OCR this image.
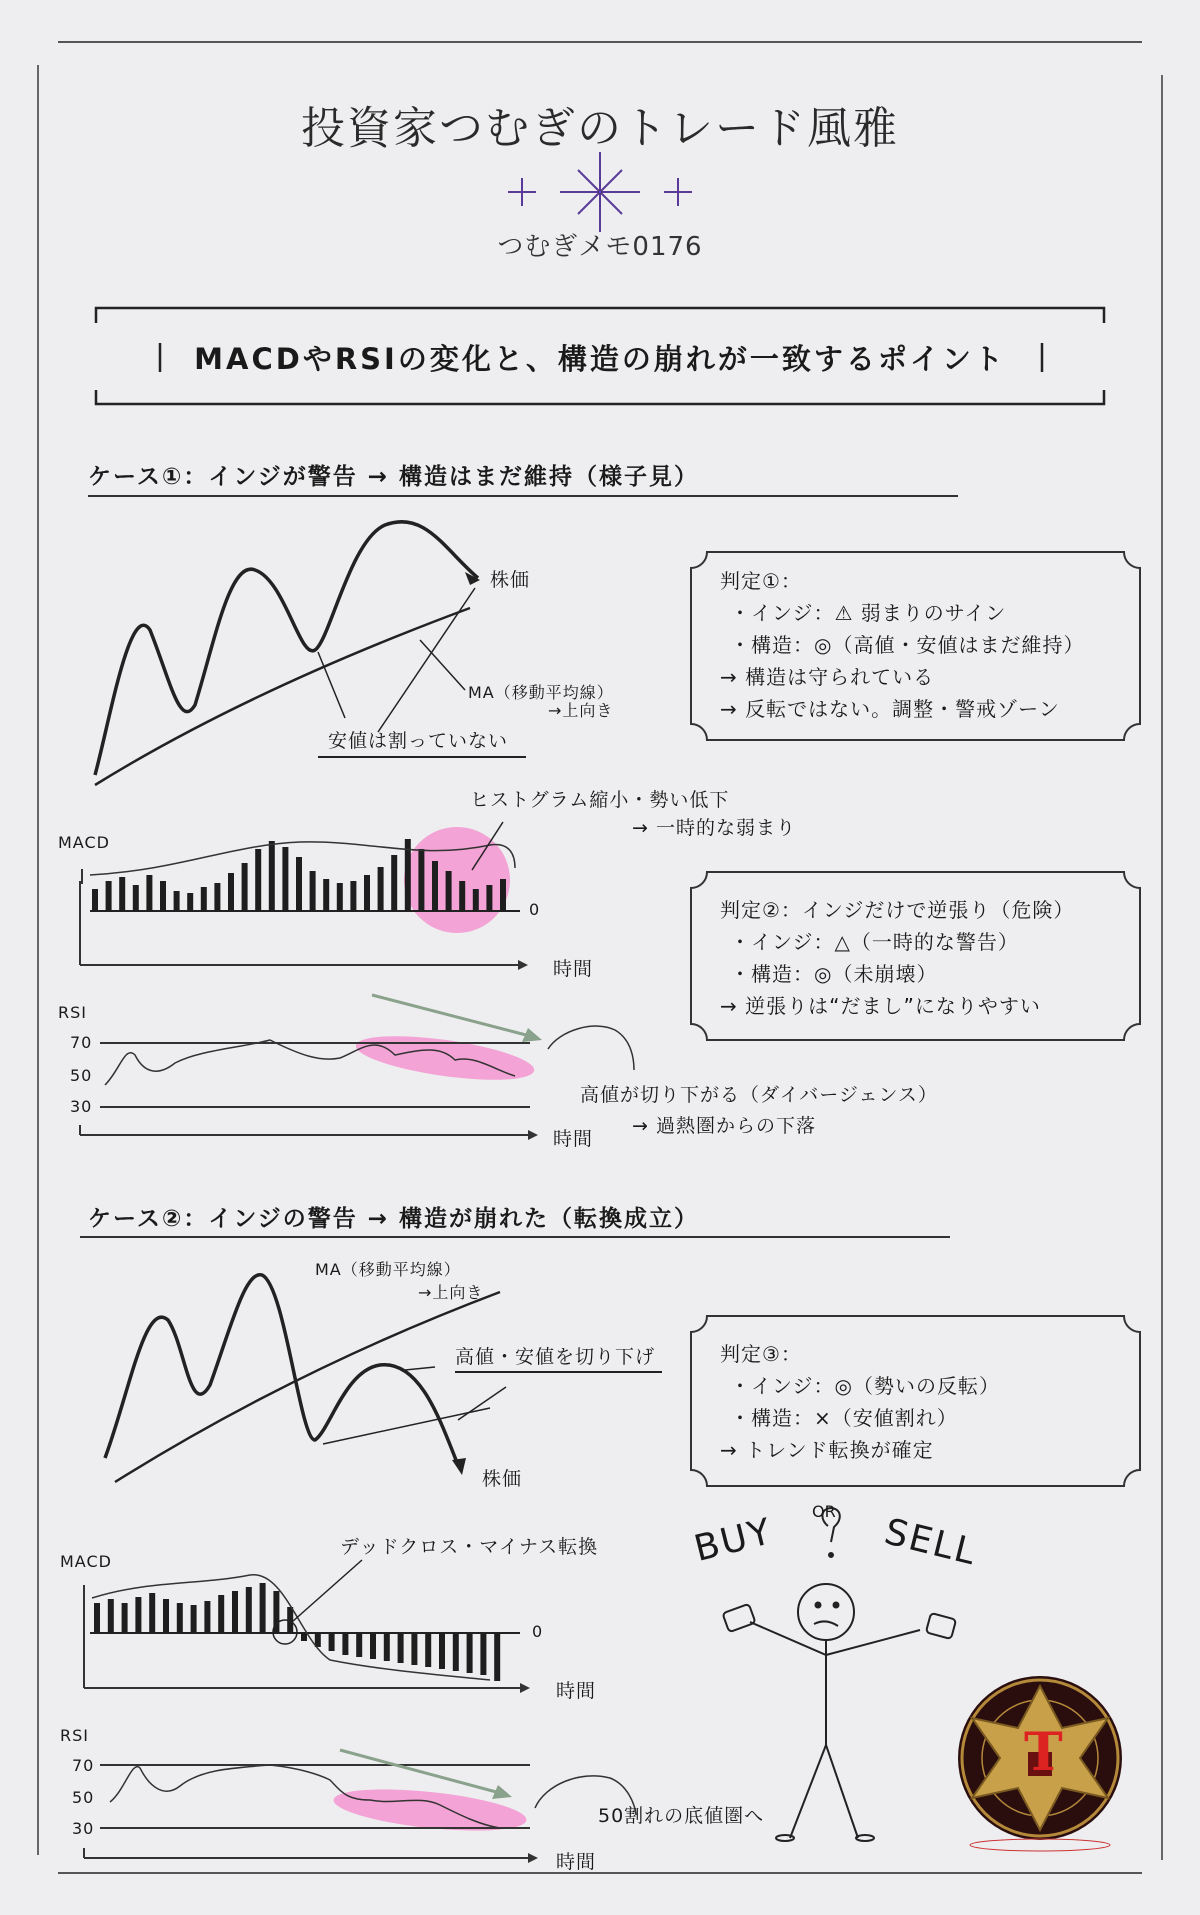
投資家つむぎのトレード風雅
つむぎメモ0176
MACDやRSIの変化と、構造の崩れが一致するポイント
ケース①：インジが警告 → 構造はまだ維持（様子見）
株価
MA（移動平均線）
→上向き
安値は割っていない
ヒストグラム縮小・勢い低下
→ 一時的な弱まり
MACD
0
時間
RSI
70
50
30
時間
高値が切り下がる（ダイバージェンス）
→ 過熱圏からの下落
判定①：
・インジ：⚠ 弱まりのサイン
・構造：◎（高値・安値はまだ維持）
→ 構造は守られている
→ 反転ではない。調整・警戒ゾーン
判定②：インジだけで逆張り（危険）
・インジ：△（一時的な警告）
・構造：◎（未崩壊）
→ 逆張りは“だまし”になりやすい
ケース②：インジの警告 → 構造が崩れた（転換成立）
MA（移動平均線）
→上向き
高値・安値を切り下げ
株価
デッドクロス・マイナス転換
MACD
0
時間
RSI
70
50
30
50割れの底値圏へ
時間
判定③：
・インジ：◎（勢いの反転）
・構造：×（安値割れ）
→ トレンド転換が確定
BUY OR SELL
T
